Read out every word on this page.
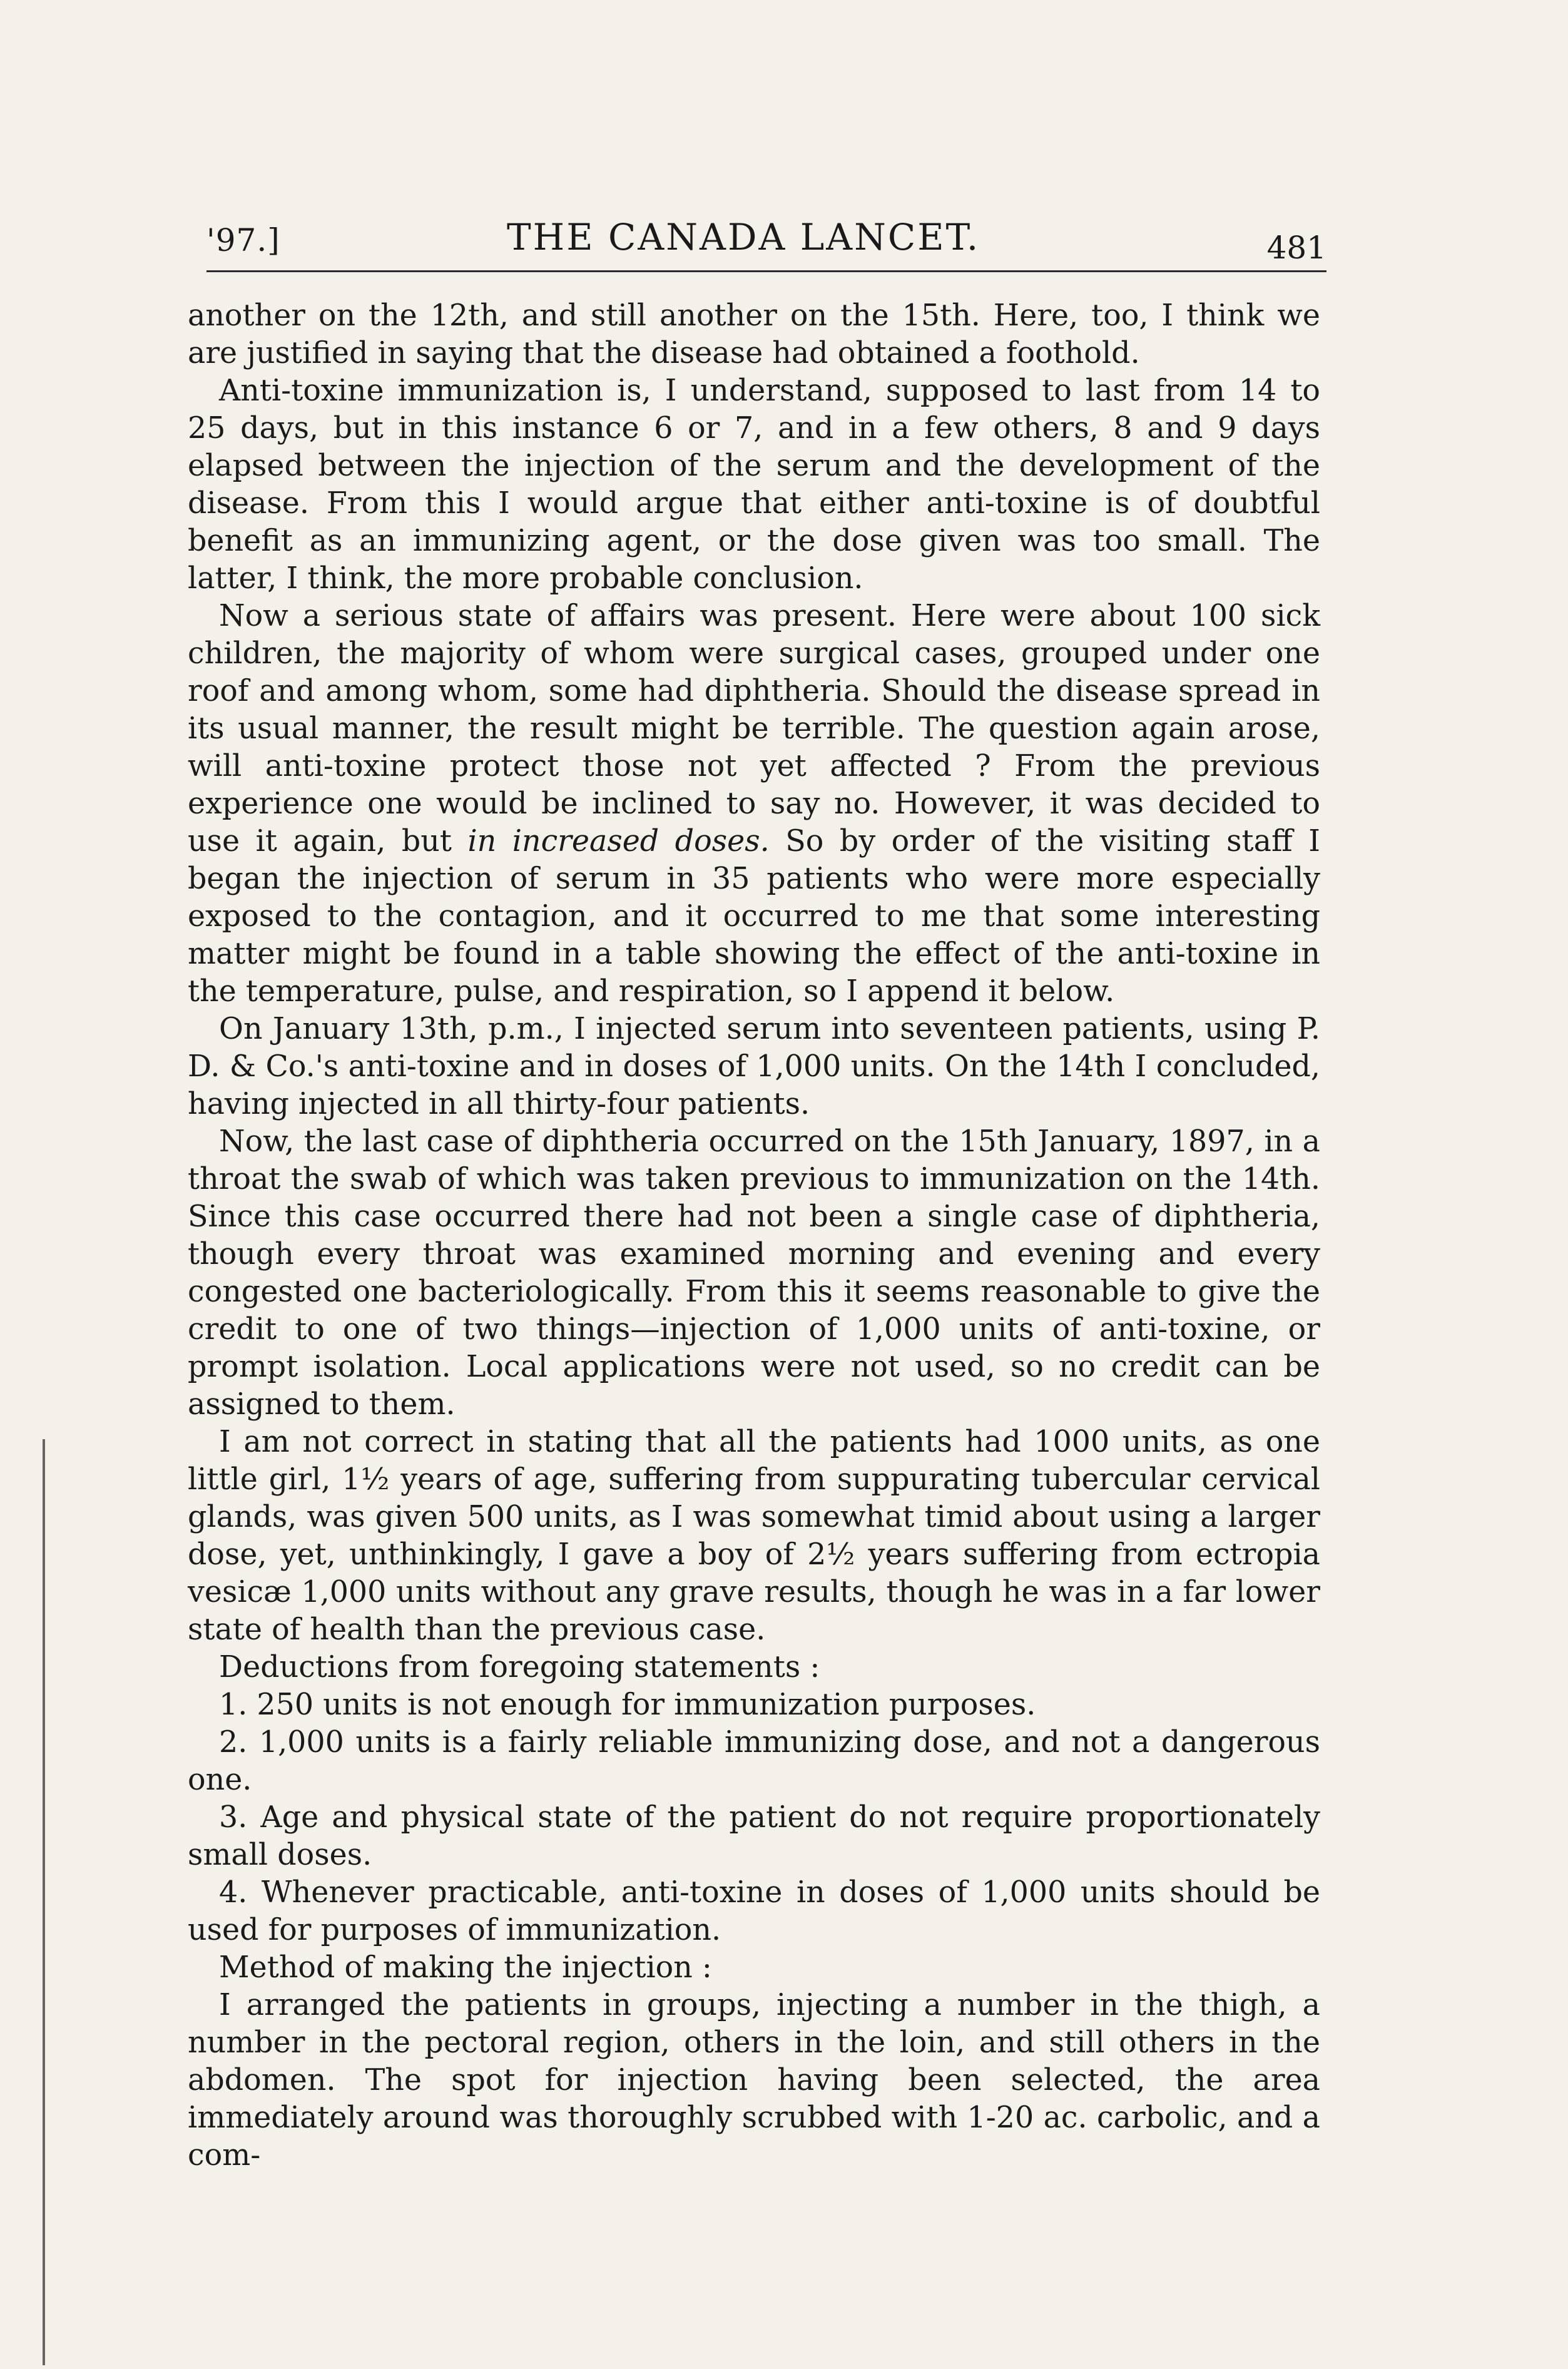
'97.]	THE CANADA LANCET.	481

another on the 12th, and still another on the 15th. Here, too, I think we are justified in saying that the disease had obtained a foothold.

Anti-toxine immunization is, I understand, supposed to last from 14 to 25 days, but in this instance 6 or 7, and in a few others, 8 and 9 days elapsed between the injection of the serum and the development of the disease. From this I would argue that either anti-toxine is of doubtful benefit as an immunizing agent, or the dose given was too small. The latter, I think, the more probable conclusion.

Now a serious state of affairs was present. Here were about 100 sick children, the majority of whom were surgical cases, grouped under one roof and among whom, some had diphtheria. Should the disease spread in its usual manner, the result might be terrible. The question again arose, will anti-toxine protect those not yet affected ? From the previous experience one would be inclined to say no. However, it was decided to use it again, but in increased doses. So by order of the visiting staff I began the injection of serum in 35 patients who were more especially exposed to the contagion, and it occurred to me that some interesting matter might be found in a table showing the effect of the anti-toxine in the temperature, pulse, and respiration, so I append it below.

On January 13th, p.m., I injected serum into seventeen patients, using P. D. & Co.'s anti-toxine and in doses of 1,000 units. On the 14th I concluded, having injected in all thirty-four patients.

Now, the last case of diphtheria occurred on the 15th January, 1897, in a throat the swab of which was taken previous to immunization on the 14th. Since this case occurred there had not been a single case of diphtheria, though every throat was examined morning and evening and every congested one bacteriologically. From this it seems reasonable to give the credit to one of two things—injection of 1,000 units of anti-toxine, or prompt isolation. Local applications were not used, so no credit can be assigned to them.

I am not correct in stating that all the patients had 1000 units, as one little girl, 1½ years of age, suffering from suppurating tubercular cervical glands, was given 500 units, as I was somewhat timid about using a larger dose, yet, unthinkingly, I gave a boy of 2½ years suffering from ectropia vesicæ 1,000 units without any grave results, though he was in a far lower state of health than the previous case.

Deductions from foregoing statements :

1. 250 units is not enough for immunization purposes.

2. 1,000 units is a fairly reliable immunizing dose, and not a dangerous one.

3. Age and physical state of the patient do not require proportionately small doses.

4. Whenever practicable, anti-toxine in doses of 1,000 units should be used for purposes of immunization.

Method of making the injection :

I arranged the patients in groups, injecting a number in the thigh, a number in the pectoral region, others in the loin, and still others in the abdomen. The spot for injection having been selected, the area immediately around was thoroughly scrubbed with 1-20 ac. carbolic, and a com-
